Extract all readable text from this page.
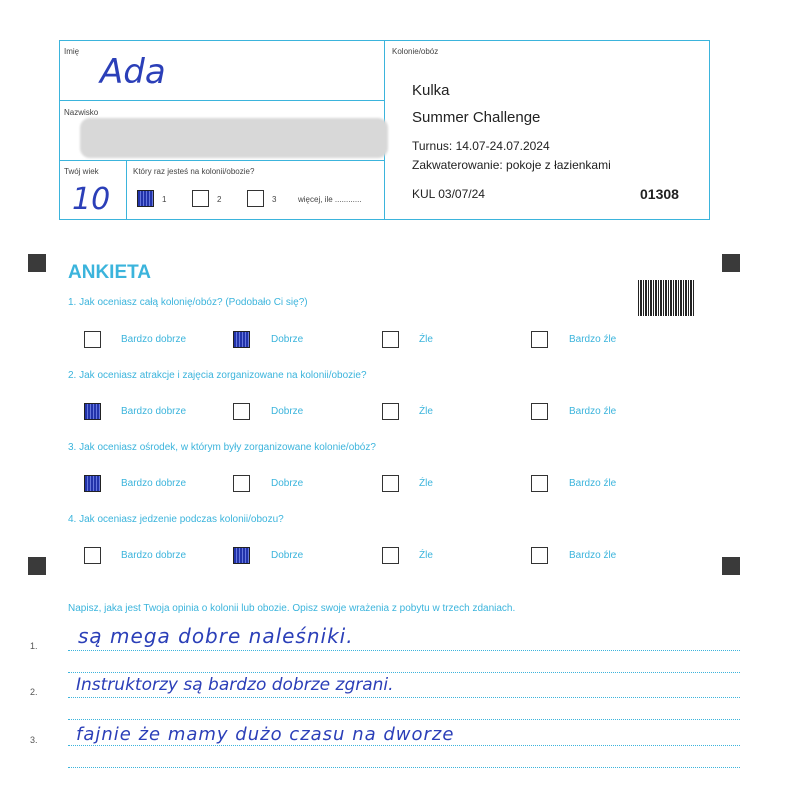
Imię
Ada
Nazwisko
Twój wiek
10
Który raz jesteś na kolonii/obozie?
1	2	3	więcej, ile ............
Kolonie/obóz
Kulka
Summer Challenge
Turnus: 14.07-24.07.2024
Zakwaterowanie: pokoje z łazienkami
KUL 03/07/24	01308
ANKIETA
1. Jak oceniasz całą kolonię/obóz? (Podobało Ci się?)
Bardzo dobrze	Dobrze	Źle	Bardzo źle
2. Jak oceniasz atrakcje i zajęcia zorganizowane na kolonii/obozie?
Bardzo dobrze	Dobrze	Źle	Bardzo źle
3. Jak oceniasz ośrodek, w którym były zorganizowane kolonie/obóz?
Bardzo dobrze	Dobrze	Źle	Bardzo źle
4. Jak oceniasz jedzenie podczas kolonii/obozu?
Bardzo dobrze	Dobrze	Źle	Bardzo źle
Napisz, jaka jest Twoja opinia o kolonii lub obozie. Opisz swoje wrażenia z pobytu w trzech zdaniach.
1. są mega dobre naleśniki.
2. Instruktorzy są bardzo dobrze zgrani.
3. fajnie że mamy dużo czasu na dworze
